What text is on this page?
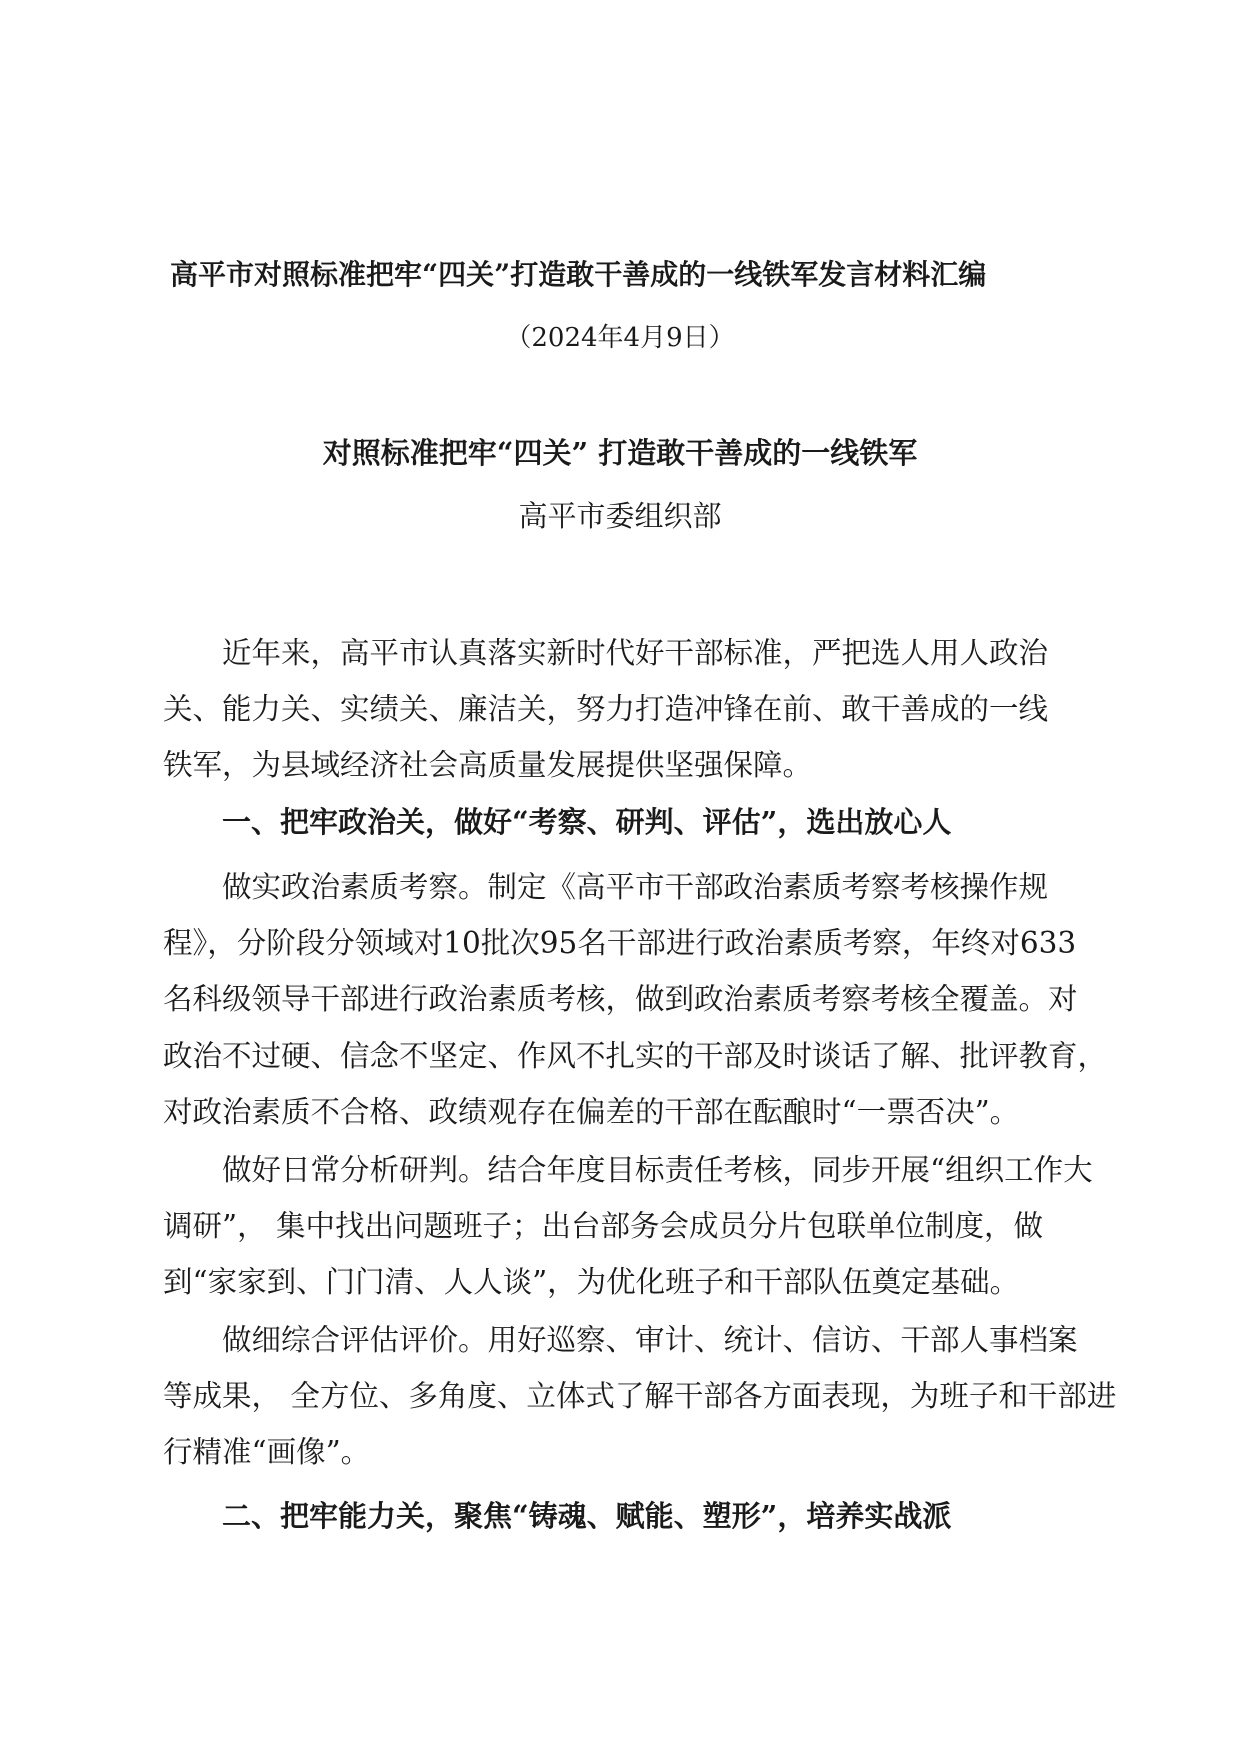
高平市对照标准把牢“四关”打造敢干善成的一线铁军发言材料汇编
（2024年4月9日）
对照标准把牢“四关” 打造敢干善成的一线铁军
高平市委组织部
近年来，高平市认真落实新时代好干部标准，严把选人用人政治
关、能力关、实绩关、廉洁关，努力打造冲锋在前、敢干善成的一线
铁军，为县域经济社会高质量发展提供坚强保障。
一、把牢政治关，做好“考察、研判、评估”，选出放心人
做实政治素质考察。制定《高平市干部政治素质考察考核操作规
程》，分阶段分领域对10批次95名干部进行政治素质考察，年终对633
名科级领导干部进行政治素质考核，做到政治素质考察考核全覆盖。对
政治不过硬、信念不坚定、作风不扎实的干部及时谈话了解、批评教育，
对政治素质不合格、政绩观存在偏差的干部在酝酿时“一票否决”。
做好日常分析研判。结合年度目标责任考核，同步开展“组织工作大
调研”， 集中找出问题班子；出台部务会成员分片包联单位制度，做
到“家家到、门门清、人人谈”，为优化班子和干部队伍奠定基础。
做细综合评估评价。用好巡察、审计、统计、信访、干部人事档案
等成果， 全方位、多角度、立体式了解干部各方面表现，为班子和干部进
行精准“画像”。
二、把牢能力关，聚焦“铸魂、赋能、塑形”，培养实战派
